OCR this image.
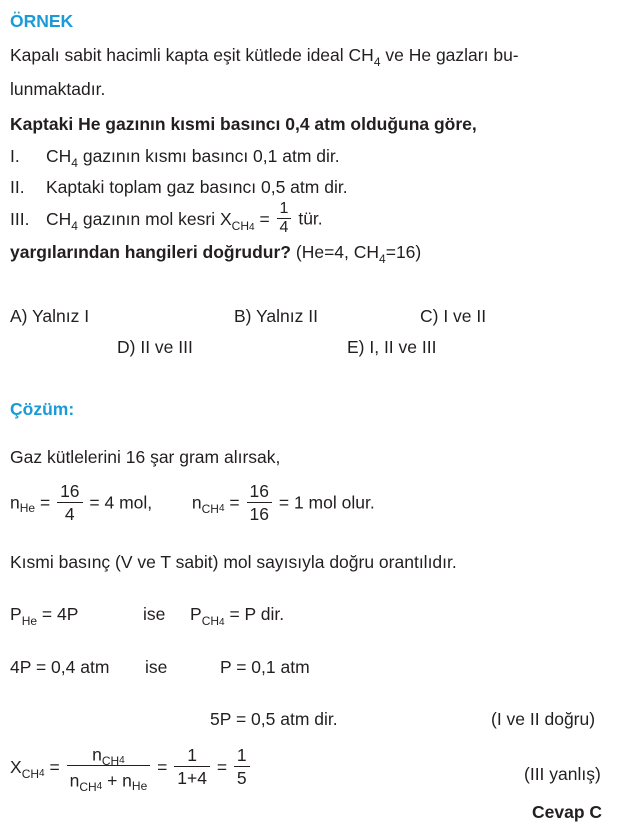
ÖRNEK
Kapalı sabit hacimli kapta eşit kütlede ideal $CH_4$ ve He gazları bu-
lunmaktadır.
Kaptaki He gazının kısmi basıncı 0,4 atm olduğuna göre,
I. $CH_4$ gazının kısmı basıncı 0,1 atm dir.
II. Kaptaki toplam gaz basıncı 0,5 atm dir.
III. $CH_4$ gazının mol kesri $X_{CH4} = \frac{1}{4}$ tür.
yargılarından hangileri doğrudur? (He=4, $CH_4=16$)
A) Yalnız I	B) Yalnız II	C) I ve II
D) II ve III	E) I, II ve III
Çözüm:
Gaz kütlelerini 16 şar gram alırsak,
$n_{He} = \frac{16}{4} = 4$ mol, $n_{CH4} = \frac{16}{16} = 1$ mol olur.
Kısmi basınç (V ve T sabit) mol sayısıyla doğru orantılıdır.
$P_{He} = 4P$	ise $P_{CH4} = P$ dir.
4P = 0,4 atm ise	P = 0,1 atm
5P = 0,5 atm dir.	(I ve II doğru)
$X_{CH4} = \frac{n_{CH4}}{n_{CH4} + n_{He}} = \frac{1}{1+4} = \frac{1}{5}$	(III yanlış)
Cevap C
